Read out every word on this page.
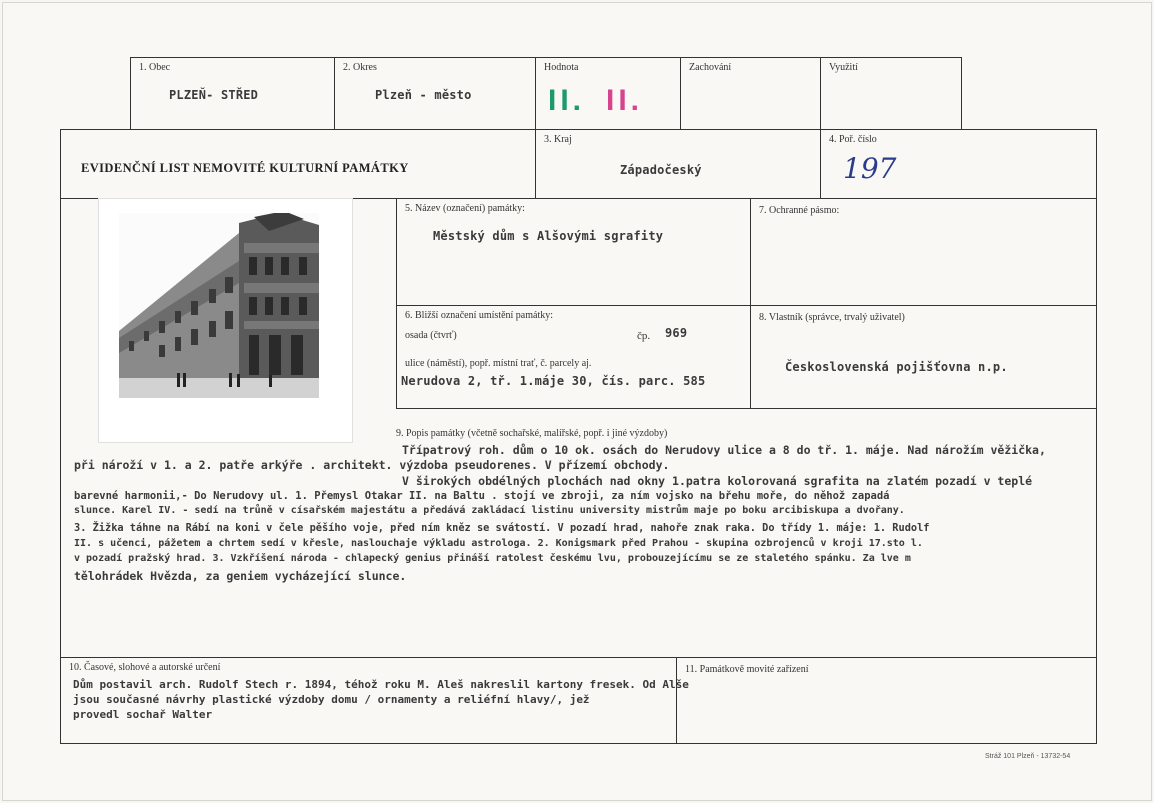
1. Obec
PLZEŇ- STŘED
2. Okres
Plzeň - město
Hodnota
II. II.
Zachování	Využití
EVIDENČNÍ LIST NEMOVITÉ KULTURNÍ PAMÁTKY
3. Kraj
Západočeský
4. Poř. číslo
197
5. Název (označení) památky:
Městský dům s Alšovými sgrafity
7. Ochranné pásmo:
6. Bližší označení umístění památky:
osada (čtvrť)	čp. 969
ulice (náměstí), popř. místní trať, č. parcely aj.
Nerudova 2, tř. 1.máje 30, čís. parc. 585
8. Vlastník (správce, trvalý uživatel)
Československá pojišťovna n.p.
9. Popis památky (včetně sochařské, malířské, popř. i jiné výzdoby)
Třípatrový roh. dům o 10 ok. osách do Nerudovy ulice a 8 do tř. 1. máje. Nad nárožím věžička,
při nároží v 1. a 2. patře arkýře . architekt. výzdoba pseudorenes. V přízemí obchody.
V širokých obdélných plochách nad okny 1.patra kolorovaná sgrafita na zlatém pozadí v teplé
barevné harmonii,- Do Nerudovy ul. 1. Přemysl Otakar II. na Baltu . stojí ve zbroji, za ním vojsko na břehu moře, do něhož zapadá
slunce. Karel IV. - sedí na trůně v císařském majestátu a předává zakládací listinu university mistrům maje po boku arcibiskupa a dvořany.
3. Žižka táhne na Rábí na koni v čele pěšího voje, před ním kněz se svátostí. V pozadí hrad, nahoře znak raka. Do třídy 1. máje: 1. Rudolf
II. s učenci, pážetem a chrtem sedí v křesle, naslouchaje výkladu astrologa. 2. Konigsmark před Prahou - skupina ozbrojenců v kroji 17.sto l.
v pozadí pražský hrad. 3. Vzkříšení národa - chlapecký genius přináší ratolest českému lvu, probouzejícímu se ze staletého spánku. Za lve m
tělohrádek Hvězda, za geniem vycházející slunce.
10. Časové, slohové a autorské určení
Dům postavil arch. Rudolf Stech r. 1894, téhož roku M. Aleš nakreslil kartony fresek. Od Alše
jsou současné návrhy plastické výzdoby domu / ornamenty a reliéfní hlavy/, jež
provedl sochař Walter
11. Památkově movité zařízení
Stráž 101 Plzeň - 13732-54
